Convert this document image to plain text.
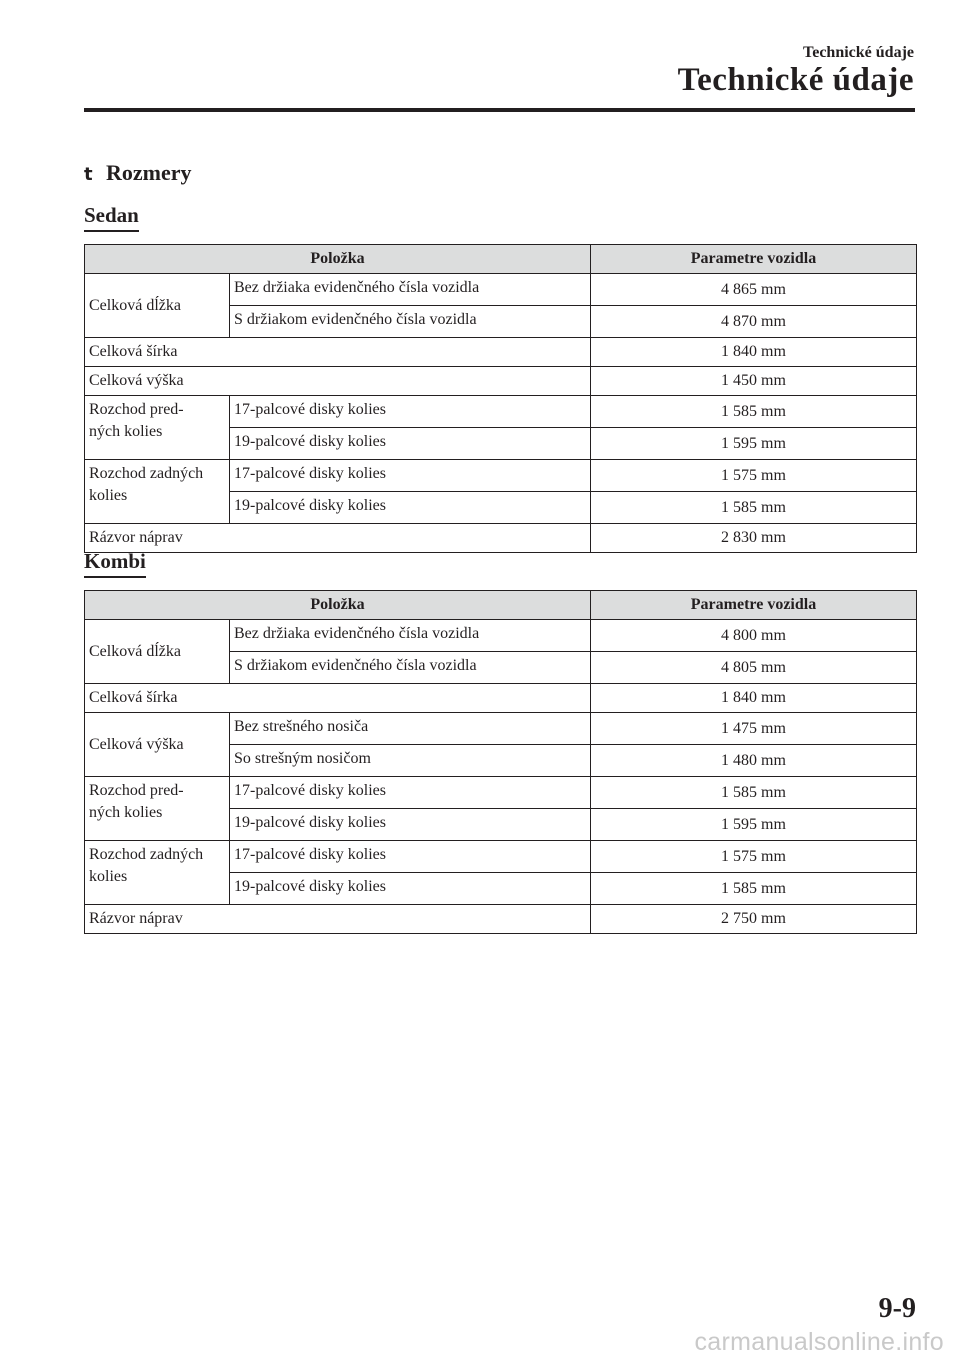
Technické údaje
Technické údaje
t Rozmery
Sedan
Položka		Parametre vozidla
Celková dĺžka	Bez držiaka evidenčného čísla vozidla	4 865 mm
	S držiakom evidenčného čísla vozidla	4 870 mm
Celková šírka		1 840 mm
Celková výška		1 450 mm
Rozchod pred-
ných kolies	17-palcové disky kolies	1 585 mm
	19-palcové disky kolies	1 595 mm
Rozchod zadných
kolies	17-palcové disky kolies	1 575 mm
	19-palcové disky kolies	1 585 mm
Rázvor náprav		2 830 mm
Kombi
Položka		Parametre vozidla
Celková dĺžka	Bez držiaka evidenčného čísla vozidla	4 800 mm
	S držiakom evidenčného čísla vozidla	4 805 mm
Celková šírka		1 840 mm
Celková výška	Bez strešného nosiča	1 475 mm
	So strešným nosičom	1 480 mm
Rozchod pred-
ných kolies	17-palcové disky kolies	1 585 mm
	19-palcové disky kolies	1 595 mm
Rozchod zadných
kolies	17-palcové disky kolies	1 575 mm
	19-palcové disky kolies	1 585 mm
Rázvor náprav		2 750 mm
9-9
carmanualsonline.info
